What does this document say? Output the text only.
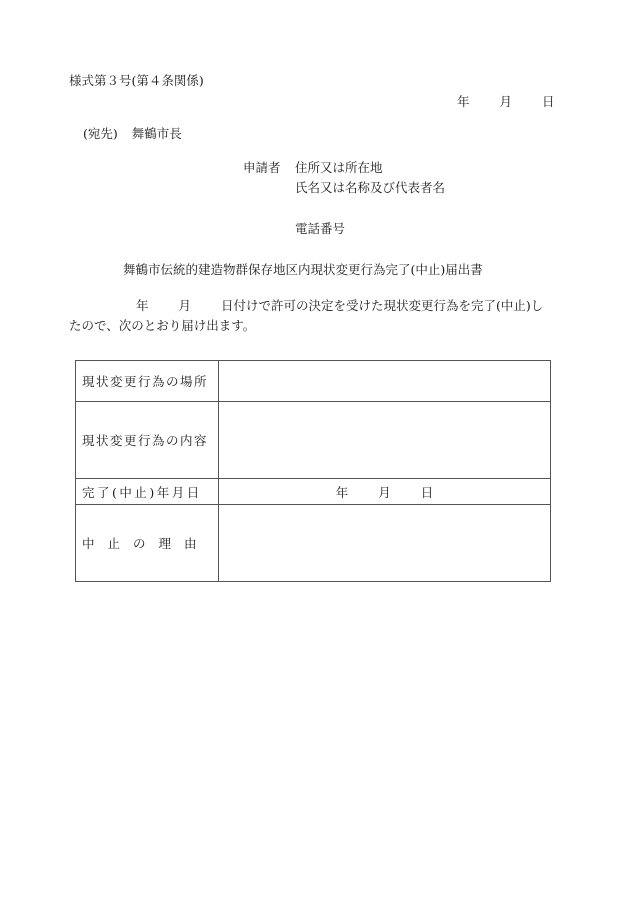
様式第３号(第４条関係)
年 月 日
(宛先) 舞鶴市長
申請者 住所又は所在地
氏名又は名称及び代表者名
電話番号
舞鶴市伝統的建造物群保存地区内現状変更行為完了(中止)届出書
年 月 日付けで許可の決定を受けた現状変更行為を完了(中止)し
たので、次のとおり届け出ます。
現状変更行為の場所	
現状変更行為の内容	
完了(中止)年月日	年 月 日
中止の理由	
